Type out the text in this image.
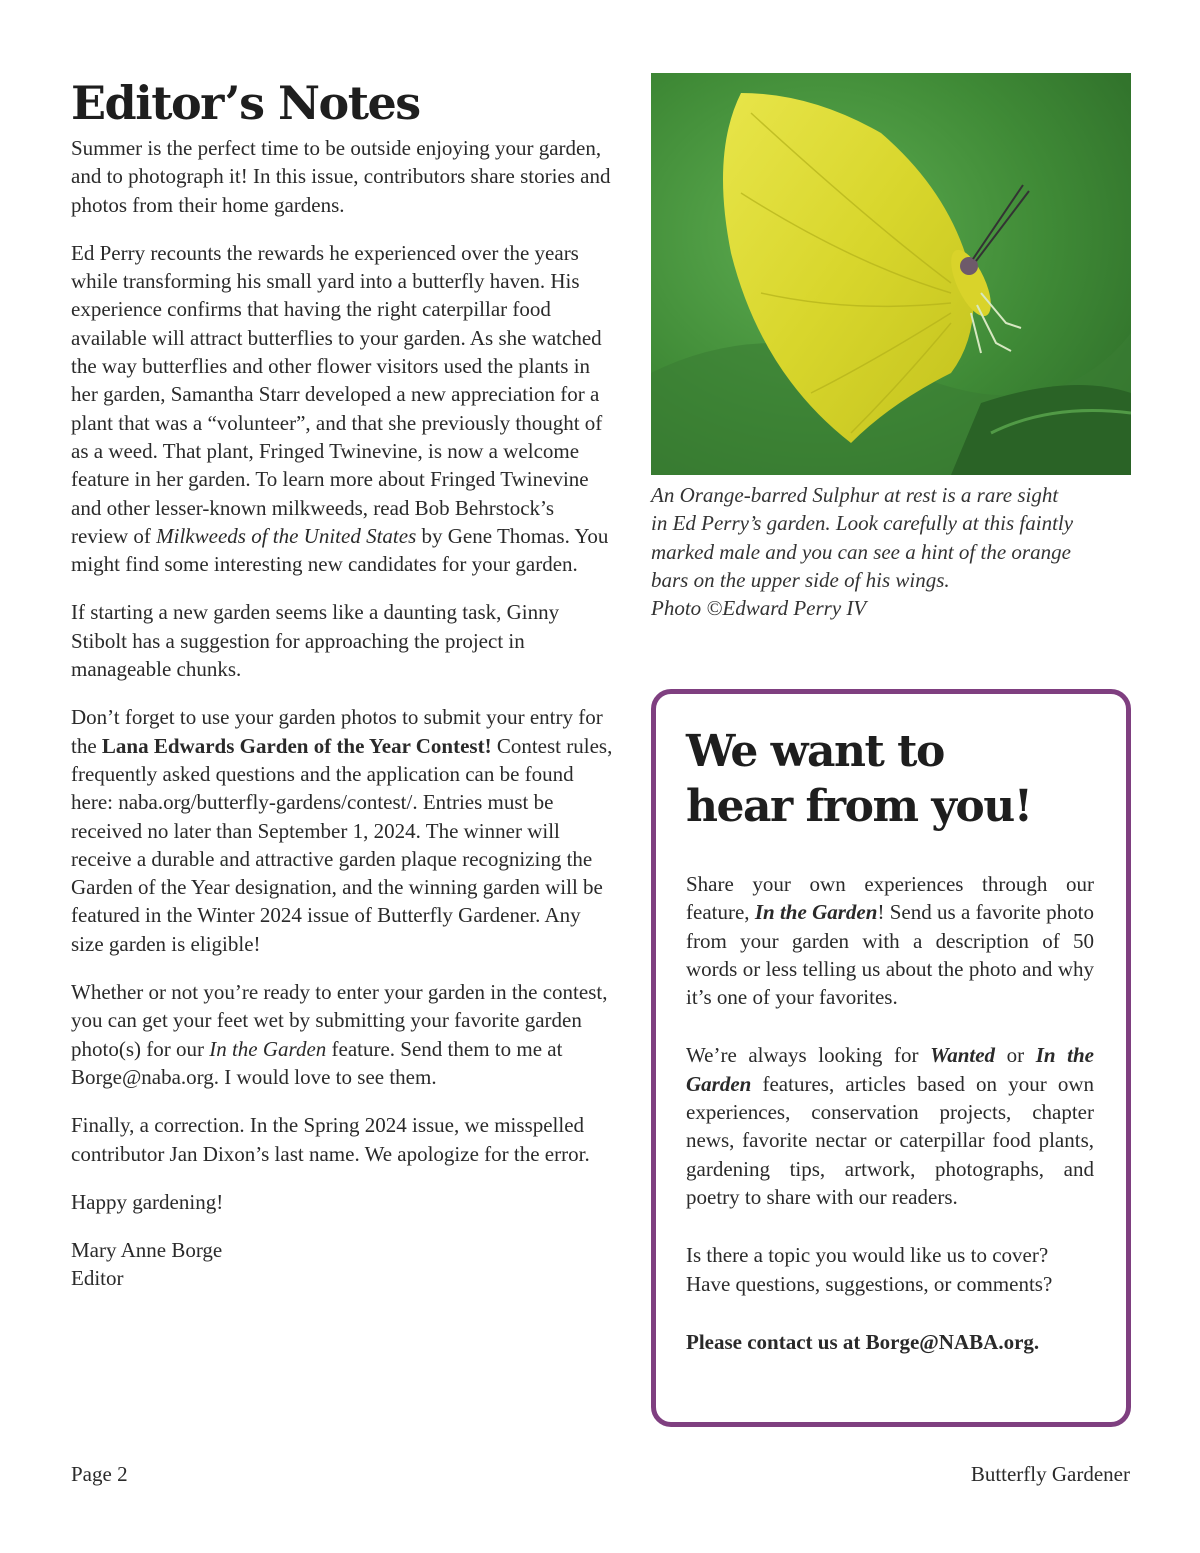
Editor’s Notes

Summer is the perfect time to be outside enjoying your garden, and to photograph it! In this issue, contributors share stories and photos from their home gardens.

Ed Perry recounts the rewards he experienced over the years while transforming his small yard into a butterfly haven. His experience confirms that having the right caterpillar food available will attract butterflies to your garden. As she watched the way butterflies and other flower visitors used the plants in her garden, Samantha Starr developed a new appreciation for a plant that was a “volunteer”, and that she previously thought of as a weed. That plant, Fringed Twinevine, is now a welcome feature in her garden. To learn more about Fringed Twinevine and other lesser-known milkweeds, read Bob Behrstock’s review of Milkweeds of the United States by Gene Thomas. You might find some interesting new candidates for your garden.

If starting a new garden seems like a daunting task, Ginny Stibolt has a suggestion for approaching the project in manageable chunks.

Don’t forget to use your garden photos to submit your entry for the Lana Edwards Garden of the Year Contest! Contest rules, frequently asked questions and the application can be found here: naba.org/butterfly-gardens/contest/. Entries must be received no later than September 1, 2024. The winner will receive a durable and attractive garden plaque recognizing the Garden of the Year designation, and the winning garden will be featured in the Winter 2024 issue of Butterfly Gardener. Any size garden is eligible!

Whether or not you’re ready to enter your garden in the contest, you can get your feet wet by submitting your favorite garden photo(s) for our In the Garden feature. Send them to me at Borge@naba.org. I would love to see them.

Finally, a correction. In the Spring 2024 issue, we misspelled contributor Jan Dixon’s last name. We apologize for the error.

Happy gardening!

Mary Anne Borge
Editor

An Orange-barred Sulphur at rest is a rare sight
in Ed Perry’s garden. Look carefully at this faintly
marked male and you can see a hint of the orange
bars on the upper side of his wings.
Photo ©Edward Perry IV
We want to
hear from you!

Share your own experiences through our feature, In the Garden! Send us a favorite photo from your garden with a description of 50 words or less telling us about the photo and why it’s one of your favorites.

We’re always looking for Wanted or In the Garden features, articles based on your own experiences, conservation projects, chapter news, favorite nectar or caterpillar food plants, gardening tips, artwork, photographs, and poetry to share with our readers.

Is there a topic you would like us to cover? Have questions, suggestions, or comments?

Please contact us at Borge@NABA.org.

Page 2	Butterfly Gardener
